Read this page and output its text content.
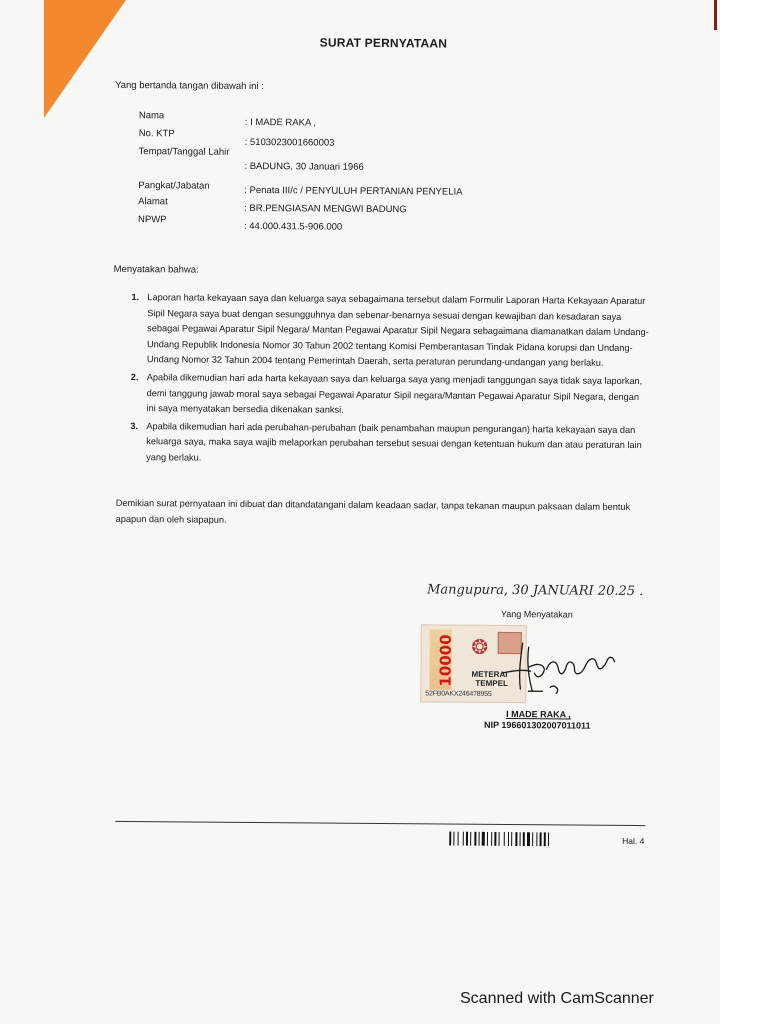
SURAT PERNYATAAN
Yang bertanda tangan dibawah ini :
Nama
: I MADE RAKA ,
No. KTP
: 5103023001660003
Tempat/Tanggal Lahir
: BADUNG, 30 Januari 1966
Pangkat/Jabatan	: Penata III/c / PENYULUH PERTANIAN PENYELIA
Alamat
: BR.PENGIASAN MENGWI BADUNG
NPWP
: 44.000.431.5-906.000
Menyatakan bahwa:
1. Laporan harta kekayaan saya dan keluarga saya sebagaimana tersebut dalam Formulir Laporan Harta Kekayaan Aparatur Sipil Negara saya buat dengan sesungguhnya dan sebenar-benarnya sesuai dengan kewajiban dan kesadaran saya sebagai Pegawai Aparatur Sipil Negara/ Mantan Pegawai Aparatur Sipil Negara sebagaimana diamanatkan dalam Undang-Undang Republik Indonesia Nomor 30 Tahun 2002 tentang Komisi Pemberantasan Tindak Pidana korupsi dan Undang-Undang Nomor 32 Tahun 2004 tentang Pemerintah Daerah, serta peraturan perundang-undangan yang berlaku.
2. Apabila dikemudian hari ada harta kekayaan saya dan keluarga saya yang menjadi tanggungan saya tidak saya laporkan, demi tanggung jawab moral saya sebagai Pegawai Aparatur Sipil negara/Mantan Pegawai Aparatur Sipil Negara, dengan ini saya menyatakan bersedia dikenakan sanksi.
3. Apabila dikemudian hari ada perubahan-perubahan (baik penambahan maupun pengurangan) harta kekayaan saya dan keluarga saya, maka saya wajib melaporkan perubahan tersebut sesuai dengan ketentuan hukum dan atau peraturan lain yang berlaku.
Demikian surat pernyataan ini dibuat dan ditandatangani dalam keadaan sadar, tanpa tekanan maupun paksaan dalam bentuk apapun dan oleh siapapun.
Mangupura, 30 JANUARI 20.25 .
Yang Menyatakan
10000 ❂
METERAI
TEMPEL
52FB0AKX246478955
I MADE RAKA ,
NIP 196601302007011011
Hal. 4
Scanned with CamScanner
